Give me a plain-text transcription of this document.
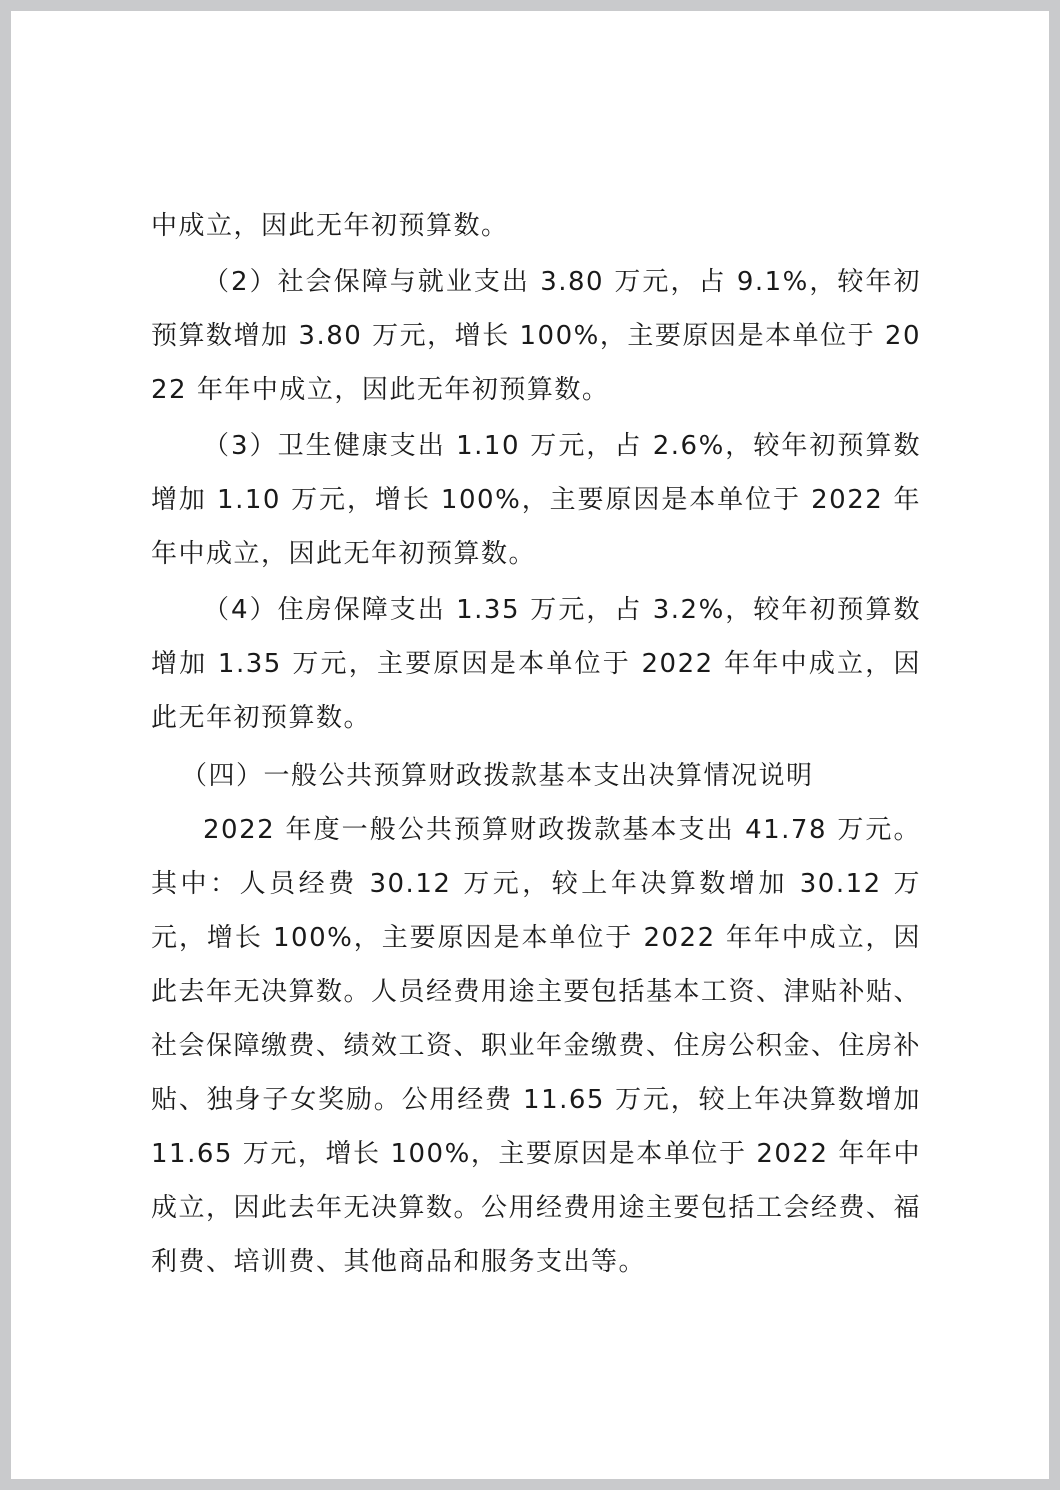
中成立，因此无年初预算数。

（2）社会保障与就业支出 3.80 万元，占 9.1%，较年初预算数增加 3.80 万元，增长 100%，主要原因是本单位于 2022 年年中成立，因此无年初预算数。

（3）卫生健康支出 1.10 万元，占 2.6%，较年初预算数增加 1.10 万元，增长 100%，主要原因是本单位于 2022 年年中成立，因此无年初预算数。

（4）住房保障支出 1.35 万元，占 3.2%，较年初预算数增加 1.35 万元，主要原因是本单位于 2022 年年中成立，因此无年初预算数。

（四）一般公共预算财政拨款基本支出决算情况说明

2022 年度一般公共预算财政拨款基本支出 41.78 万元。其中：人员经费 30.12 万元，较上年决算数增加 30.12 万元，增长 100%，主要原因是本单位于 2022 年年中成立，因此去年无决算数。人员经费用途主要包括基本工资、津贴补贴、社会保障缴费、绩效工资、职业年金缴费、住房公积金、住房补贴、独身子女奖励。公用经费 11.65 万元，较上年决算数增加 11.65 万元，增长 100%，主要原因是本单位于 2022 年年中成立，因此去年无决算数。公用经费用途主要包括工会经费、福利费、培训费、其他商品和服务支出等。
